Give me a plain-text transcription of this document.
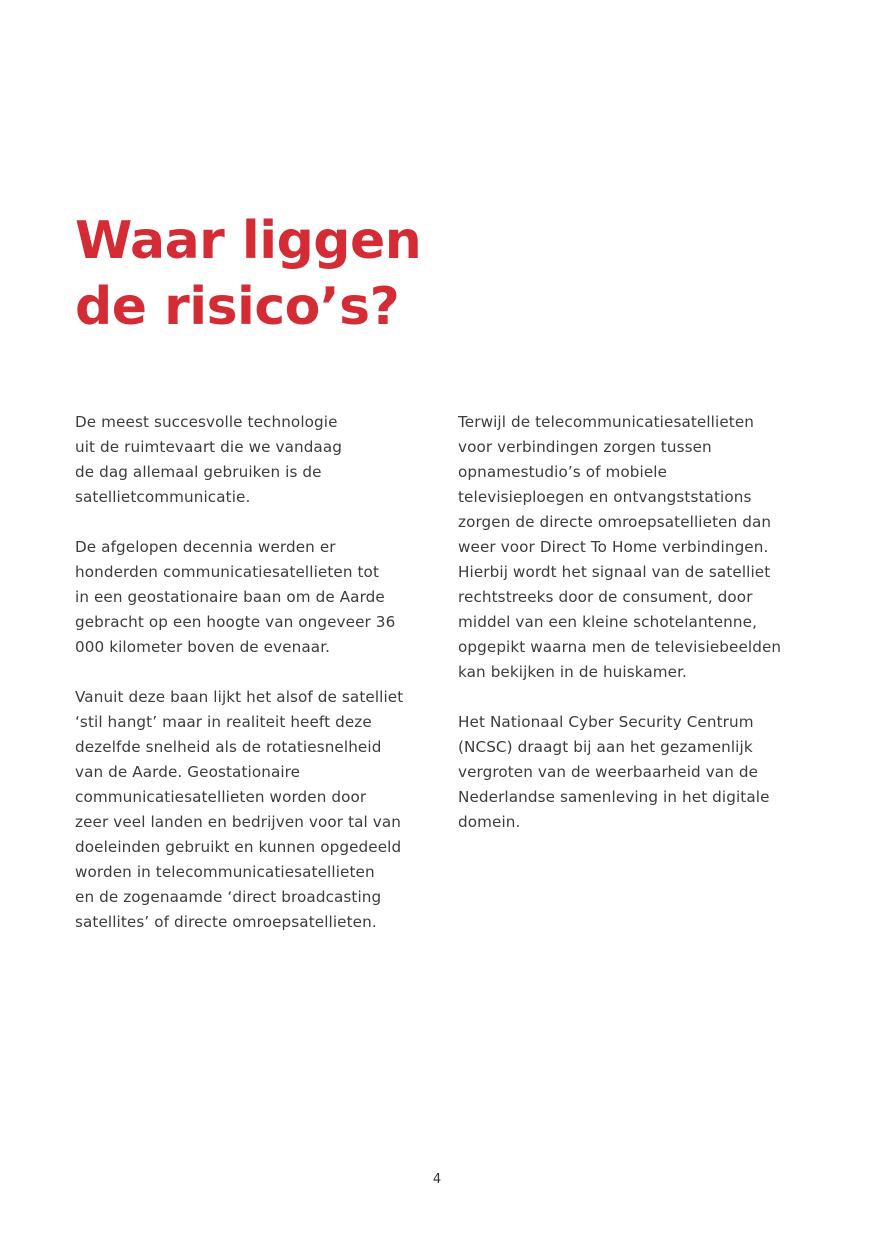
Waar liggen
de risico’s?

De meest succesvolle technologie
uit de ruimtevaart die we vandaag
de dag allemaal gebruiken is de
satellietcommunicatie.

De afgelopen decennia werden er
honderden communicatiesatellieten tot
in een geostationaire baan om de Aarde
gebracht op een hoogte van ongeveer 36
000 kilometer boven de evenaar.

Vanuit deze baan lijkt het alsof de satelliet
‘stil hangt’ maar in realiteit heeft deze
dezelfde snelheid als de rotatiesnelheid
van de Aarde. Geostationaire
communicatiesatellieten worden door
zeer veel landen en bedrijven voor tal van
doeleinden gebruikt en kunnen opgedeeld
worden in telecommunicatiesatellieten
en de zogenaamde ‘direct broadcasting
satellites’ of directe omroepsatellieten.

Terwijl de telecommunicatiesatellieten
voor verbindingen zorgen tussen
opnamestudio’s of mobiele
televisieploegen en ontvangststations
zorgen de directe omroepsatellieten dan
weer voor Direct To Home verbindingen.
Hierbij wordt het signaal van de satelliet
rechtstreeks door de consument, door
middel van een kleine schotelantenne,
opgepikt waarna men de televisiebeelden
kan bekijken in de huiskamer.

Het Nationaal Cyber Security Centrum
(NCSC) draagt bij aan het gezamenlijk
vergroten van de weerbaarheid van de
Nederlandse samenleving in het digitale
domein.

4
